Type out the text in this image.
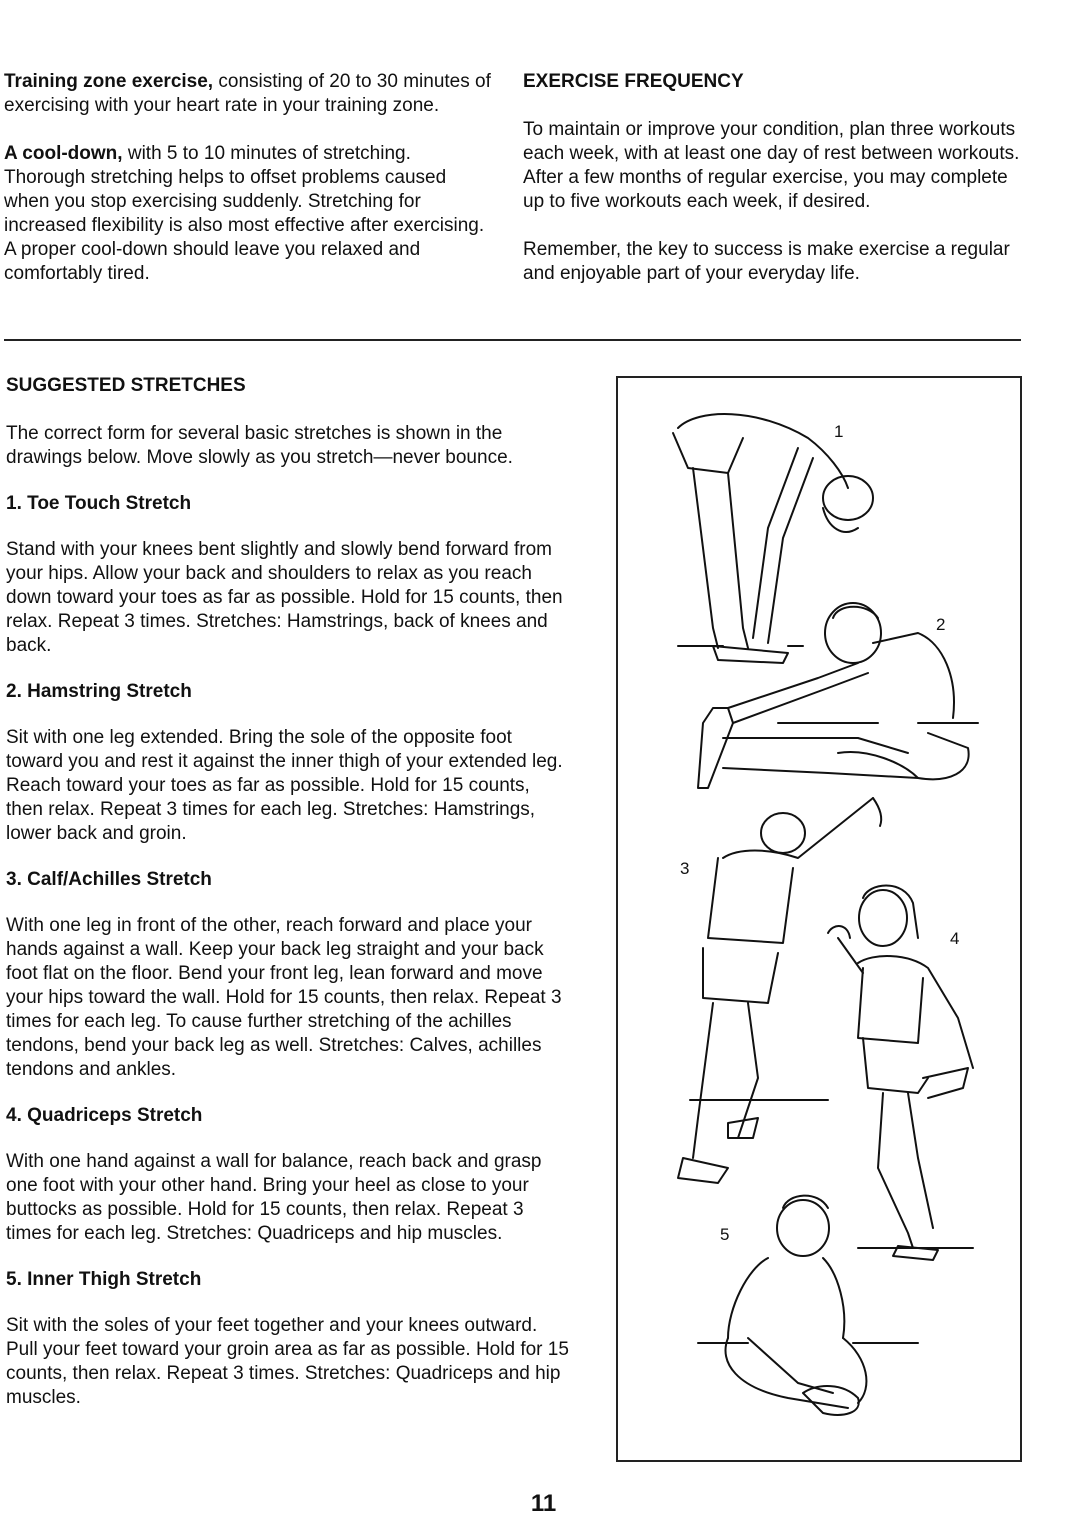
Training zone exercise, consisting of 20 to 30 minutes of exercising with your heart rate in your training zone.

A cool-down, with 5 to 10 minutes of stretching. Thorough stretching helps to offset problems caused when you stop exercising suddenly. Stretching for increased flexibility is also most effective after exercising. A proper cool-down should leave you relaxed and comfortably tired.

EXERCISE FREQUENCY

To maintain or improve your condition, plan three workouts each week, with at least one day of rest between workouts. After a few months of regular exercise, you may complete up to five workouts each week, if desired.

Remember, the key to success is make exercise a regular and enjoyable part of your everyday life.

SUGGESTED STRETCHES

The correct form for several basic stretches is shown in the drawings below. Move slowly as you stretch—never bounce.

1. Toe Touch Stretch

Stand with your knees bent slightly and slowly bend forward from your hips. Allow your back and shoulders to relax as you reach down toward your toes as far as possible. Hold for 15 counts, then relax. Repeat 3 times. Stretches: Hamstrings, back of knees and back.

2. Hamstring Stretch

Sit with one leg extended. Bring the sole of the opposite foot toward you and rest it against the inner thigh of your extended leg. Reach toward your toes as far as possible. Hold for 15 counts, then relax. Repeat 3 times for each leg. Stretches: Hamstrings, lower back and groin.

3. Calf/Achilles Stretch

With one leg in front of the other, reach forward and place your hands against a wall. Keep your back leg straight and your back foot flat on the floor. Bend your front leg, lean forward and move your hips toward the wall. Hold for 15 counts, then relax. Repeat 3 times for each leg. To cause further stretching of the achilles tendons, bend your back leg as well. Stretches: Calves, achilles tendons and ankles.

4. Quadriceps Stretch

With one hand against a wall for balance, reach back and grasp one foot with your other hand. Bring your heel as close to your buttocks as possible. Hold for 15 counts, then relax. Repeat 3 times for each leg. Stretches: Quadriceps and hip muscles.

5. Inner Thigh Stretch

Sit with the soles of your feet together and your knees outward. Pull your feet toward your groin area as far as possible. Hold for 15 counts, then relax. Repeat 3 times. Stretches: Quadriceps and hip muscles.

1
2
3
4
5
11
